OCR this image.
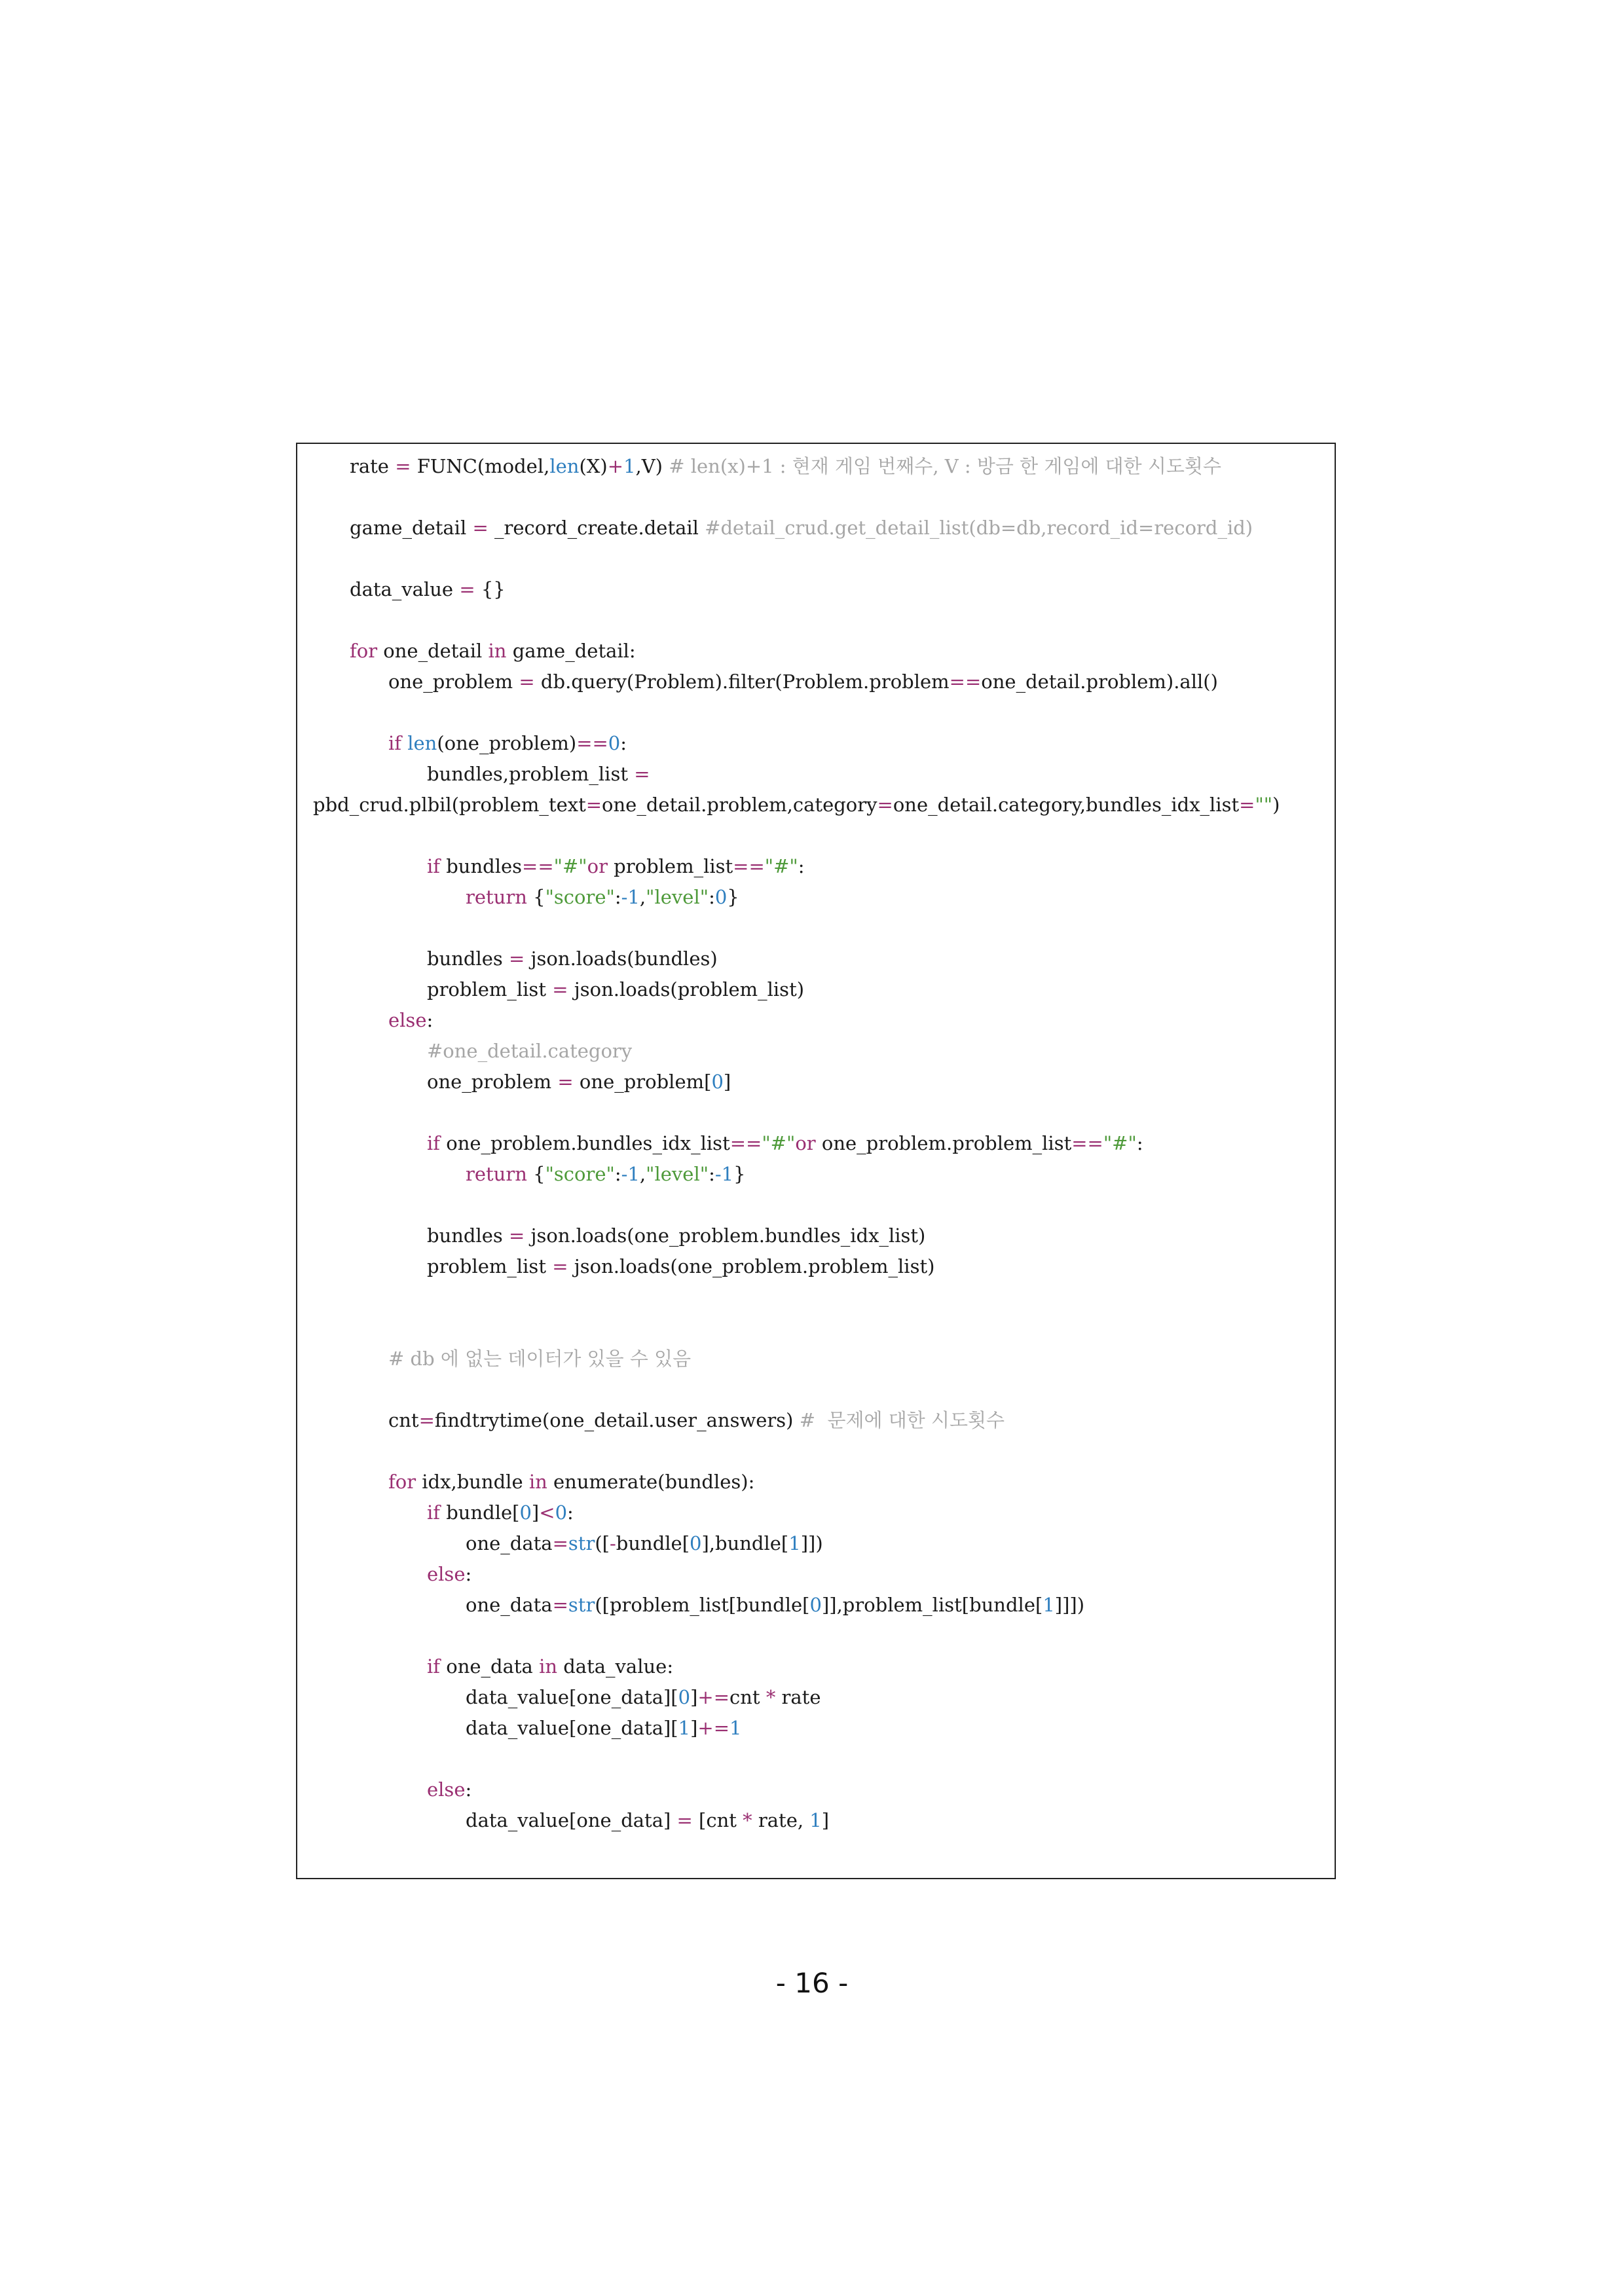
rate = FUNC(model,len(X)+1,V) # len(x)+1 : 현재 게임 번째수, V : 방금 한 게임에 대한 시도횟수
game_detail = _record_create.detail #detail_crud.get_detail_list(db=db,record_id=record_id)
data_value = {}
for one_detail in game_detail:
one_problem = db.query(Problem).filter(Problem.problem==one_detail.problem).all()
if len(one_problem)==0:
bundles,problem_list =
pbd_crud.plbil(problem_text=one_detail.problem,category=one_detail.category,bundles_idx_list="")
if bundles=="#"or problem_list=="#":
return {"score":-1,"level":0}
bundles = json.loads(bundles)
problem_list = json.loads(problem_list)
else:
#one_detail.category
one_problem = one_problem[0]
if one_problem.bundles_idx_list=="#"or one_problem.problem_list=="#":
return {"score":-1,"level":-1}
bundles = json.loads(one_problem.bundles_idx_list)
problem_list = json.loads(one_problem.problem_list)
# db 에 없는 데이터가 있을 수 있음
cnt=findtrytime(one_detail.user_answers) #  문제에 대한 시도횟수
for idx,bundle in enumerate(bundles):
if bundle[0]<0:
one_data=str([-bundle[0],bundle[1]])
else:
one_data=str([problem_list[bundle[0]],problem_list[bundle[1]]])
if one_data in data_value:
data_value[one_data][0]+=cnt * rate
data_value[one_data][1]+=1
else:
data_value[one_data] = [cnt * rate, 1]
- 16 -
